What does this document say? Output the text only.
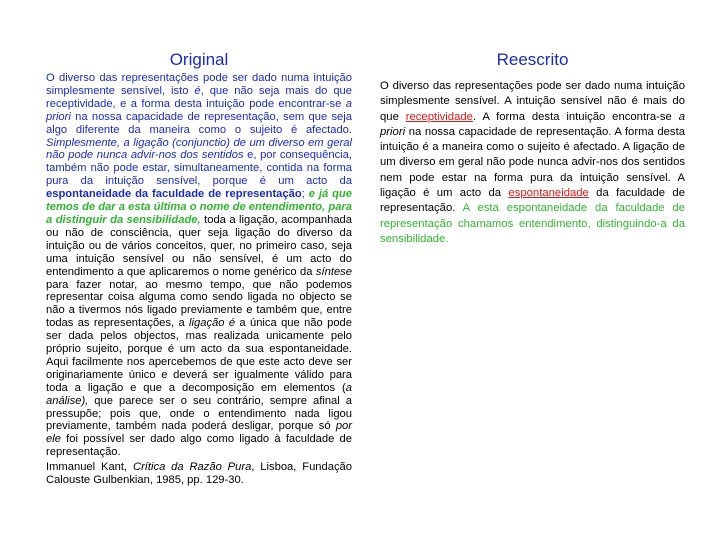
Original

O diverso das representações pode ser dado numa intuição simplesmente sensível, isto é, que não seja mais do que receptividade, e a forma desta intuição pode encontrar-se a priori na nossa capacidade de representação, sem que seja algo diferente da maneira como o sujeito é afectado. Simplesmente, a ligação (conjunctio) de um diverso em geral não pode nunca advir-nos dos sentidos e, por consequência, também não pode estar, simultaneamente, contida na forma pura da intuição sensível, porque é um acto da espontaneidade da faculdade de representação; e já que temos de dar a esta última o nome de entendimento, para a distinguir da sensibilidade, toda a ligação, acompanhada ou não de consciência, quer seja ligação do diverso da intuição ou de vários conceitos, quer, no primeiro caso, seja uma intuição sensível ou não sensível, é um acto do entendimento a que aplicaremos o nome genérico da síntese para fazer notar, ao mesmo tempo, que não podemos representar coisa alguma como sendo ligada no objecto se não a tivermos nós ligado previamente e também que, entre todas as representações, a ligação é a única que não pode ser dada pelos objectos, mas realizada unicamente pelo próprio sujeito, porque é um acto da sua espontaneidade. Aqui facilmente nos apercebemos de que este acto deve ser originariamente único e deverá ser igualmente válido para toda a ligação e que a decomposição em elementos (a análise), que parece ser o seu contrário, sempre afinal a pressupõe; pois que, onde o entendimento nada ligou previamente, também nada poderá desligar, porque só por ele foi possível ser dado algo como ligado à faculdade de representação.

Immanuel Kant, Crítica da Razão Pura, Lisboa, Fundação Calouste Gulbenkian, 1985, pp. 129-30.

Reescrito

O diverso das representações pode ser dado numa intuição simplesmente sensível. A intuição sensível não é mais do que receptividade. A forma desta intuição encontra-se a priori na nossa capacidade de representação. A forma desta intuição é a maneira como o sujeito é afectado. A ligação de um diverso em geral não pode nunca advir-nos dos sentidos nem pode estar na forma pura da intuição sensível. A ligação é um acto da espontaneidade da faculdade de representação. A esta espontaneidade da faculdade de representação chamamos entendimento, distinguindo-a da sensibilidade.
